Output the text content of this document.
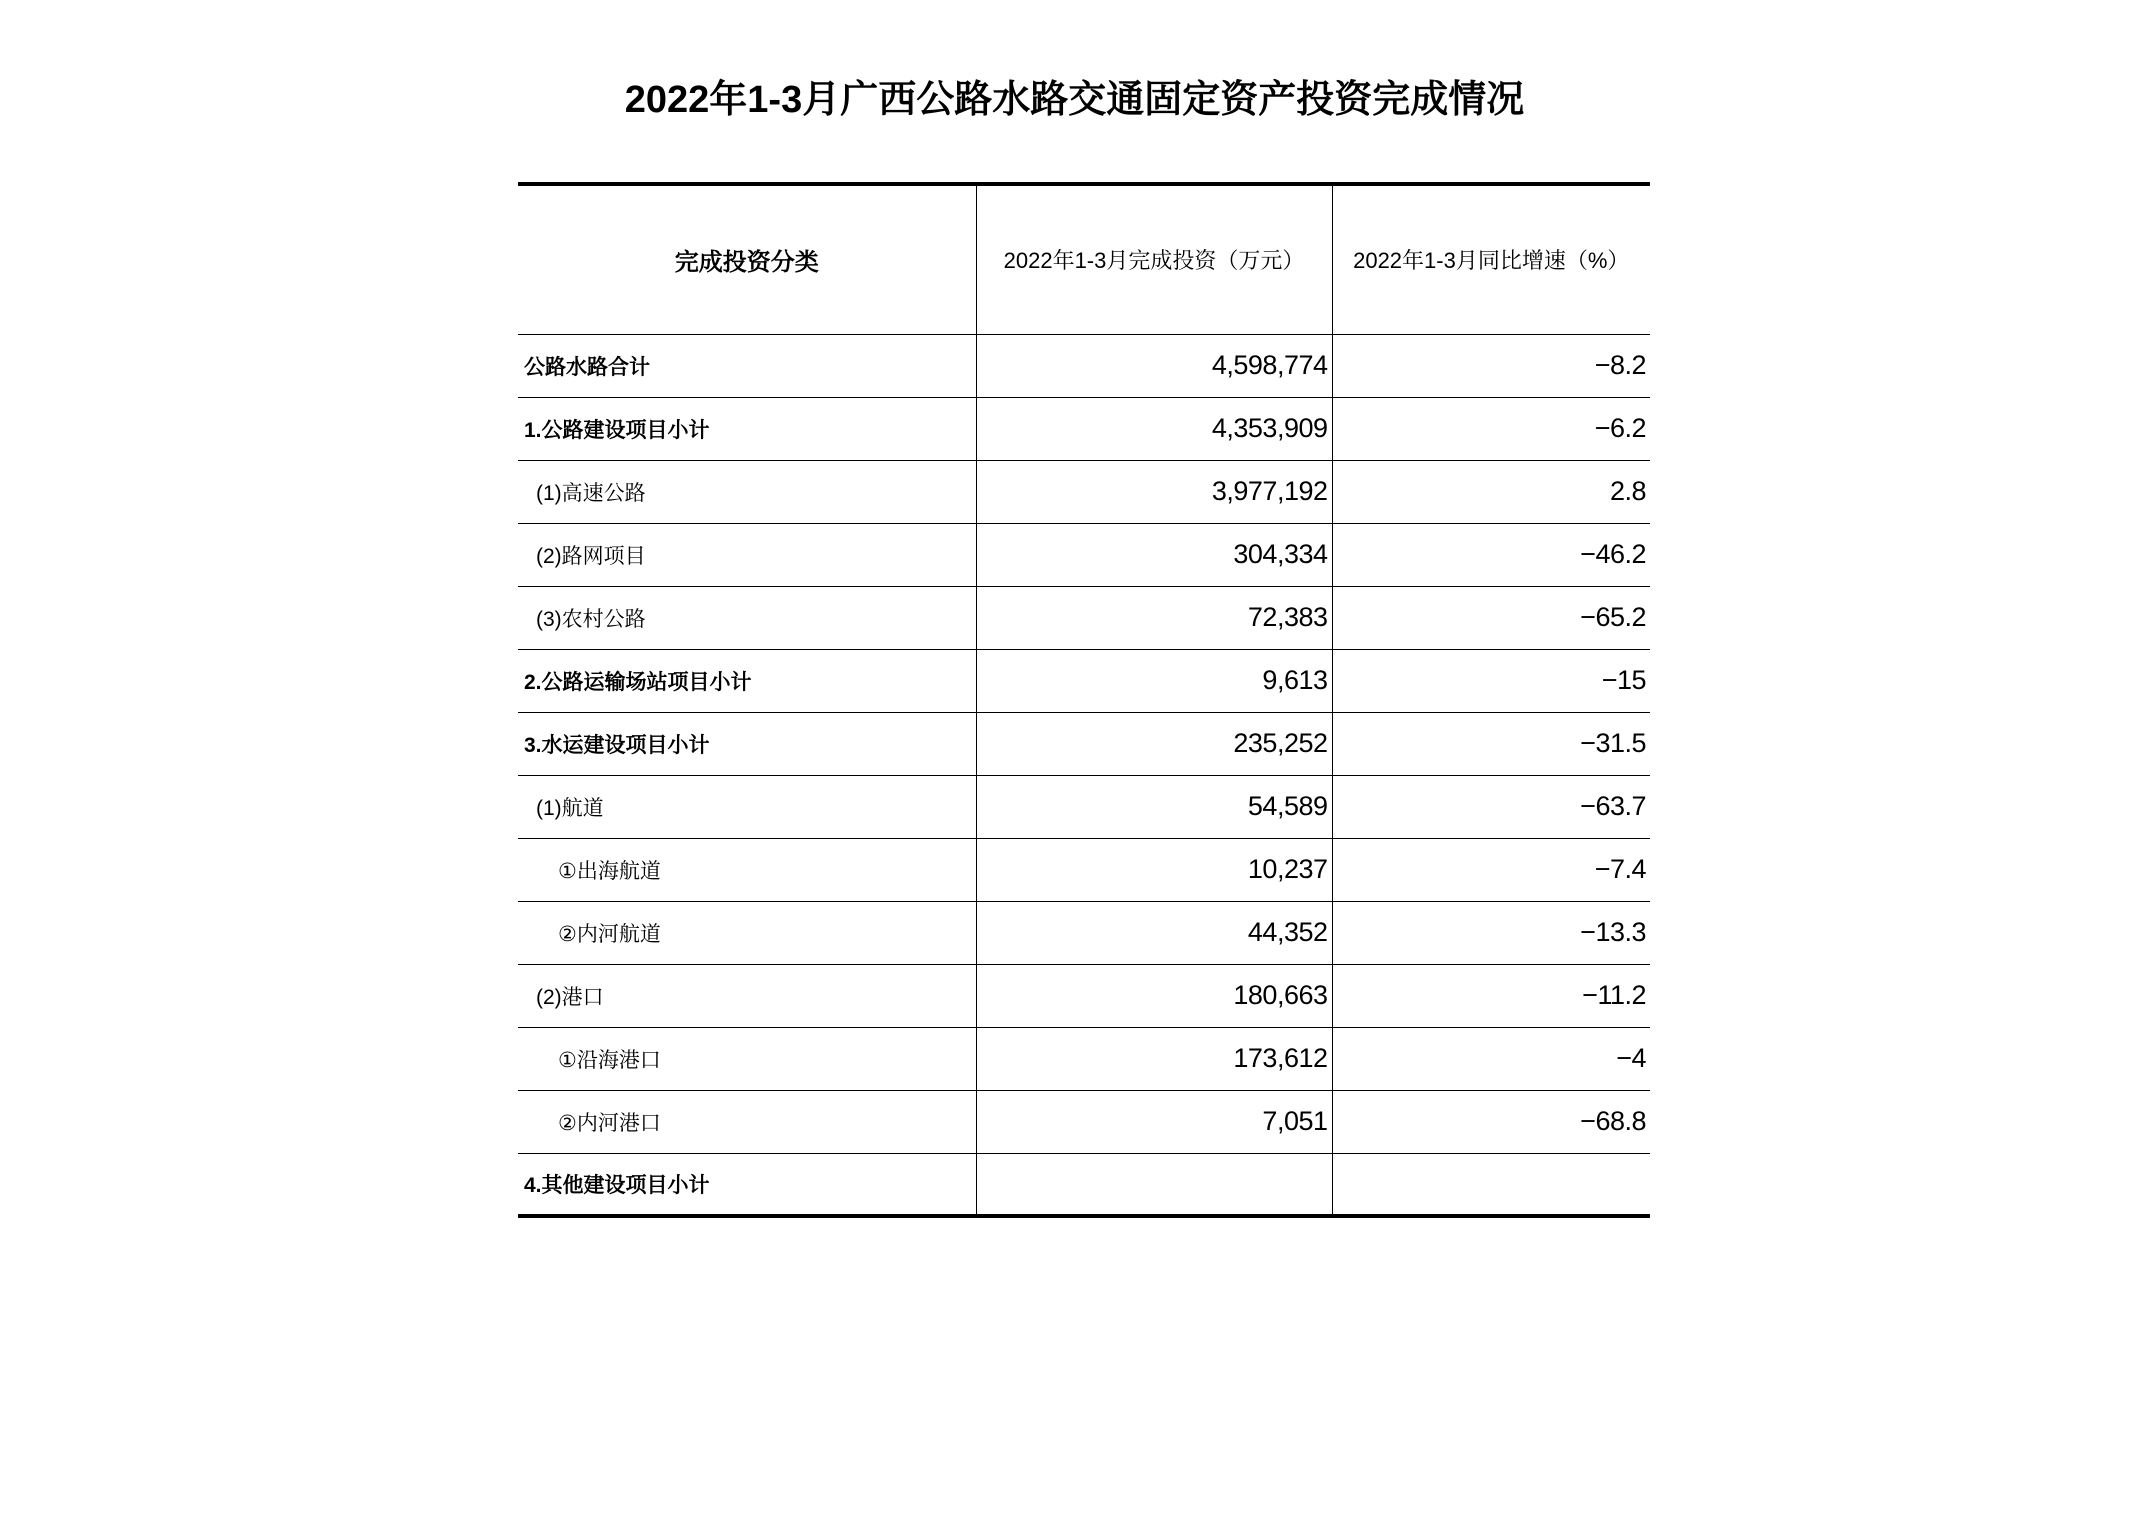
2022年1-3月广西公路水路交通固定资产投资完成情况
完成投资分类	2022年1-3月完成投资（万元）	2022年1-3月同比增速（%）
公路水路合计	4,598,774	−8.2
1.公路建设项目小计	4,353,909	−6.2
(1)高速公路	3,977,192	2.8
(2)路网项目	304,334	−46.2
(3)农村公路	72,383	−65.2
2.公路运输场站项目小计	9,613	−15
3.水运建设项目小计	235,252	−31.5
(1)航道	54,589	−63.7
①出海航道	10,237	−7.4
②内河航道	44,352	−13.3
(2)港口	180,663	−11.2
①沿海港口	173,612	−4
②内河港口	7,051	−68.8
4.其他建设项目小计		
